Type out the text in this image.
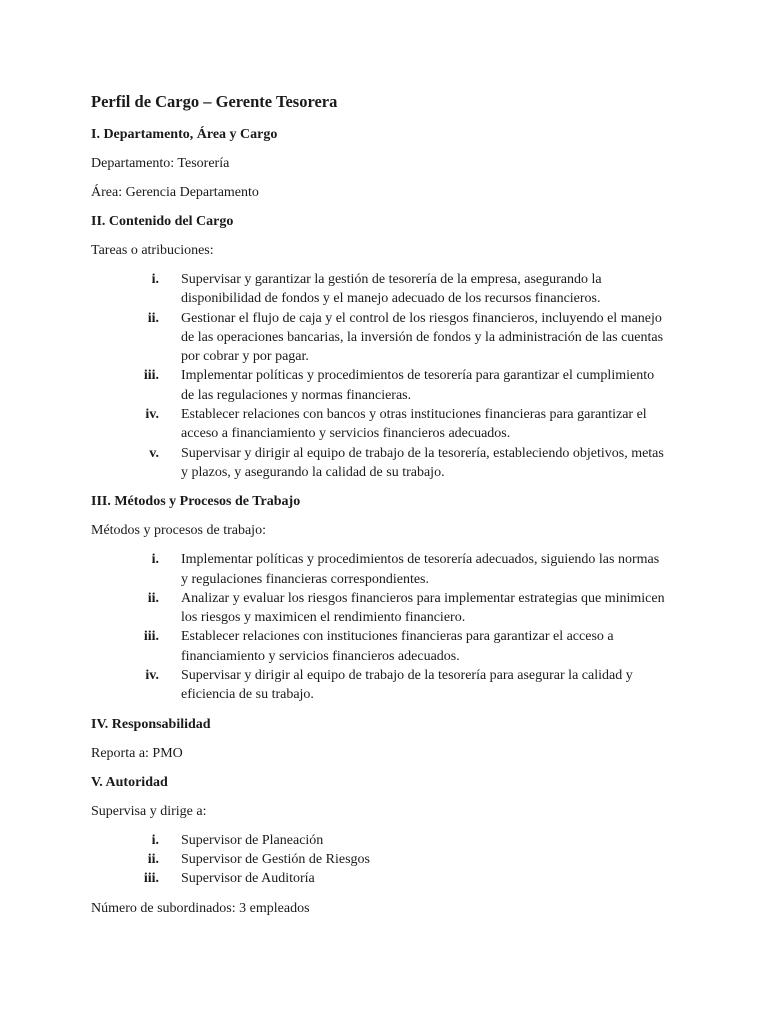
Perfil de Cargo – Gerente Tesorera
I. Departamento, Área y Cargo

Departamento: Tesorería

Área: Gerencia Departamento

II. Contenido del Cargo

Tareas o atribuciones:

i.	Supervisar y garantizar la gestión de tesorería de la empresa, asegurando la disponibilidad de fondos y el manejo adecuado de los recursos financieros.
ii.	Gestionar el flujo de caja y el control de los riesgos financieros, incluyendo el manejo de las operaciones bancarias, la inversión de fondos y la administración de las cuentas por cobrar y por pagar.
iii.	Implementar políticas y procedimientos de tesorería para garantizar el cumplimiento de las regulaciones y normas financieras.
iv.	Establecer relaciones con bancos y otras instituciones financieras para garantizar el acceso a financiamiento y servicios financieros adecuados.
v.	Supervisar y dirigir al equipo de trabajo de la tesorería, estableciendo objetivos, metas y plazos, y asegurando la calidad de su trabajo.
III. Métodos y Procesos de Trabajo

Métodos y procesos de trabajo:

i.	Implementar políticas y procedimientos de tesorería adecuados, siguiendo las normas y regulaciones financieras correspondientes.
ii.	Analizar y evaluar los riesgos financieros para implementar estrategias que minimicen los riesgos y maximicen el rendimiento financiero.
iii.	Establecer relaciones con instituciones financieras para garantizar el acceso a financiamiento y servicios financieros adecuados.
iv.	Supervisar y dirigir al equipo de trabajo de la tesorería para asegurar la calidad y eficiencia de su trabajo.
IV. Responsabilidad

Reporta a: PMO

V. Autoridad

Supervisa y dirige a:

i.	Supervisor de Planeación
ii.	Supervisor de Gestión de Riesgos
iii.	Supervisor de Auditoría

Número de subordinados: 3 empleados
